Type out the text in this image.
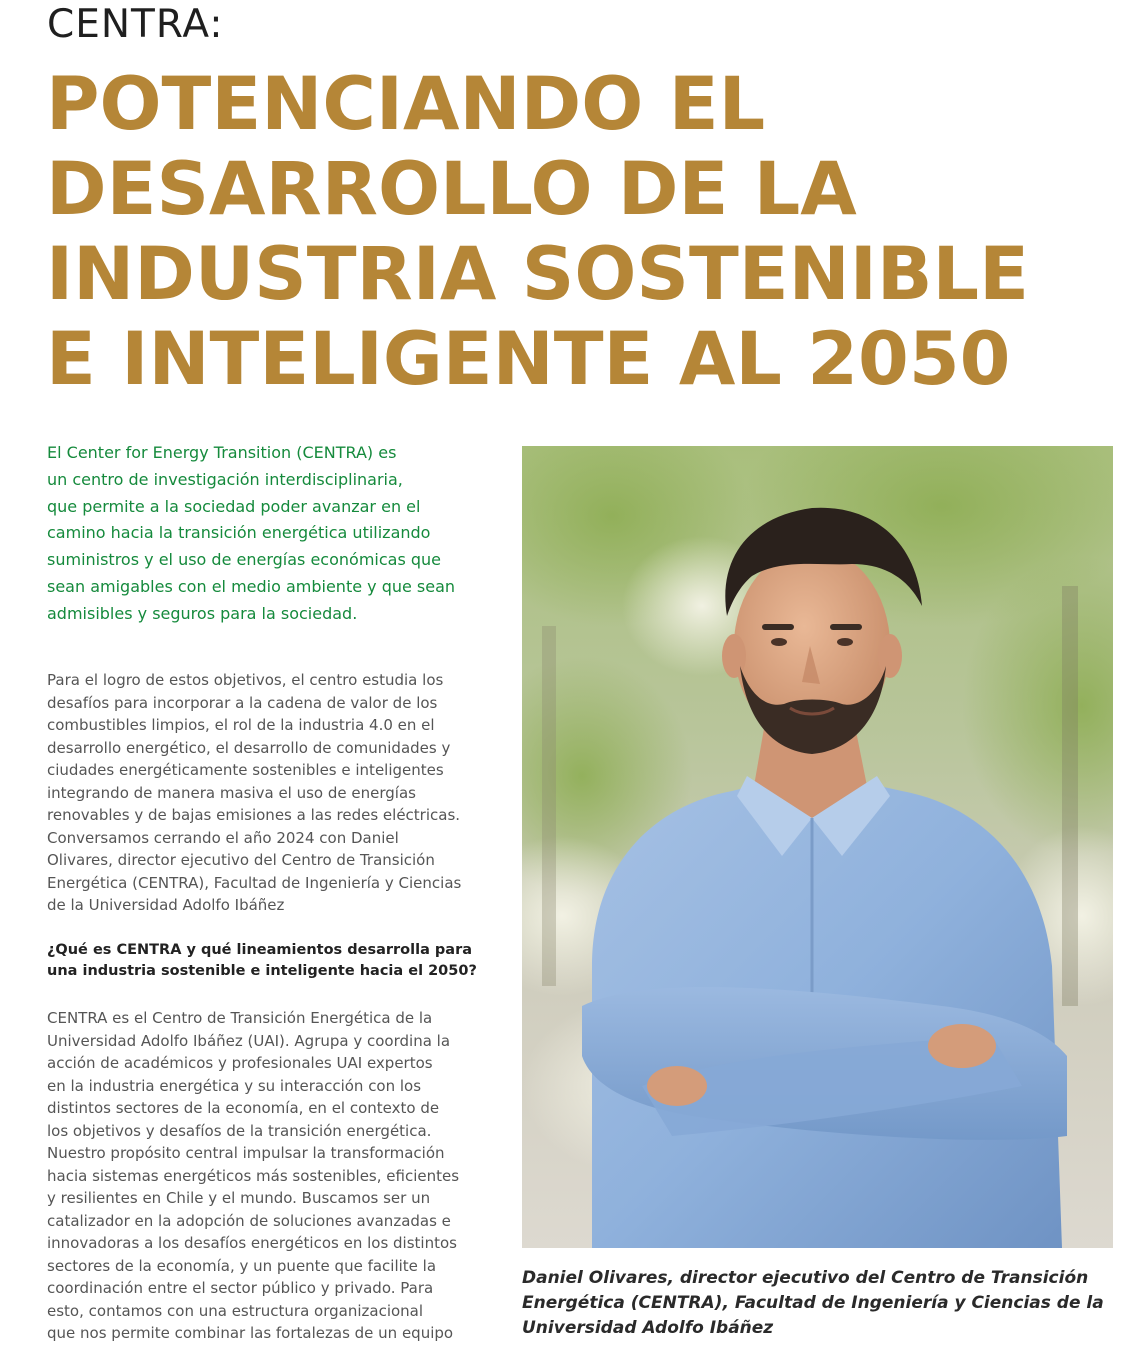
CENTRA:
POTENCIANDO EL
DESARROLLO DE LA
INDUSTRIA SOSTENIBLE
E INTELIGENTE AL 2050

El Center for Energy Transition (CENTRA) es
un centro de investigación interdisciplinaria,
que permite a la sociedad poder avanzar en el
camino hacia la transición energética utilizando
suministros y el uso de energías económicas que
sean amigables con el medio ambiente y que sean
admisibles y seguros para la sociedad.

Para el logro de estos objetivos, el centro estudia los
desafíos para incorporar a la cadena de valor de los
combustibles limpios, el rol de la industria 4.0 en el
desarrollo energético, el desarrollo de comunidades y
ciudades energéticamente sostenibles e inteligentes
integrando de manera masiva el uso de energías
renovables y de bajas emisiones a las redes eléctricas.
Conversamos cerrando el año 2024 con Daniel
Olivares, director ejecutivo del Centro de Transición
Energética (CENTRA), Facultad de Ingeniería y Ciencias
de la Universidad Adolfo Ibáñez

¿Qué es CENTRA y qué lineamientos desarrolla para
una industria sostenible e inteligente hacia el 2050?

CENTRA es el Centro de Transición Energética de la
Universidad Adolfo Ibáñez (UAI). Agrupa y coordina la
acción de académicos y profesionales UAI expertos
en la industria energética y su interacción con los
distintos sectores de la economía, en el contexto de
los objetivos y desafíos de la transición energética.
Nuestro propósito central impulsar la transformación
hacia sistemas energéticos más sostenibles, eficientes
y resilientes en Chile y el mundo. Buscamos ser un
catalizador en la adopción de soluciones avanzadas e
innovadoras a los desafíos energéticos en los distintos
sectores de la economía, y un puente que facilite la
coordinación entre el sector público y privado. Para
esto, contamos con una estructura organizacional
que nos permite combinar las fortalezas de un equipo

Daniel Olivares, director ejecutivo del Centro de Transición
Energética (CENTRA), Facultad de Ingeniería y Ciencias de la
Universidad Adolfo Ibáñez
